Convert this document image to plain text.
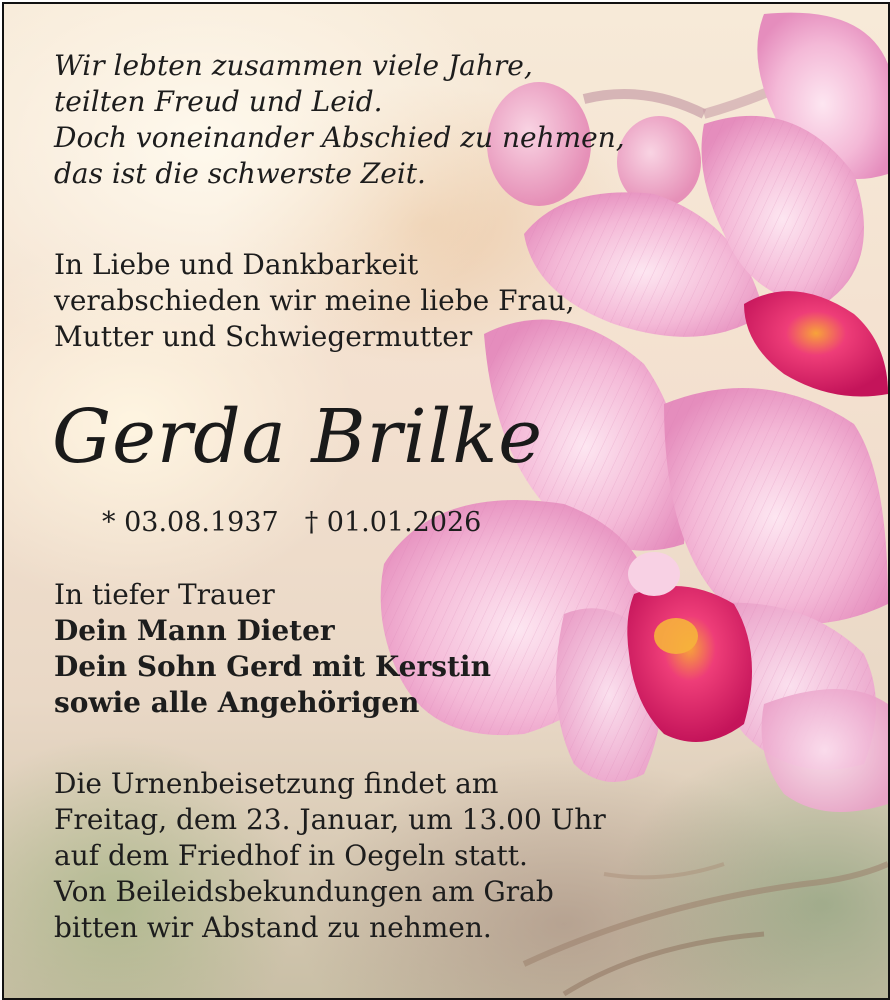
Wir lebten zusammen viele Jahre,
teilten Freud und Leid.
Doch voneinander Abschied zu nehmen,
das ist die schwerste Zeit.
In Liebe und Dankbarkeit
verabschieden wir meine liebe Frau,
Mutter und Schwiegermutter
Gerda Brilke
* 03.08.1937 † 01.01.2026
In tiefer Trauer
Dein Mann Dieter
Dein Sohn Gerd mit Kerstin
sowie alle Angehörigen
Die Urnenbeisetzung findet am
Freitag, dem 23. Januar, um 13.00 Uhr
auf dem Friedhof in Oegeln statt.
Von Beileidsbekundungen am Grab
bitten wir Abstand zu nehmen.
